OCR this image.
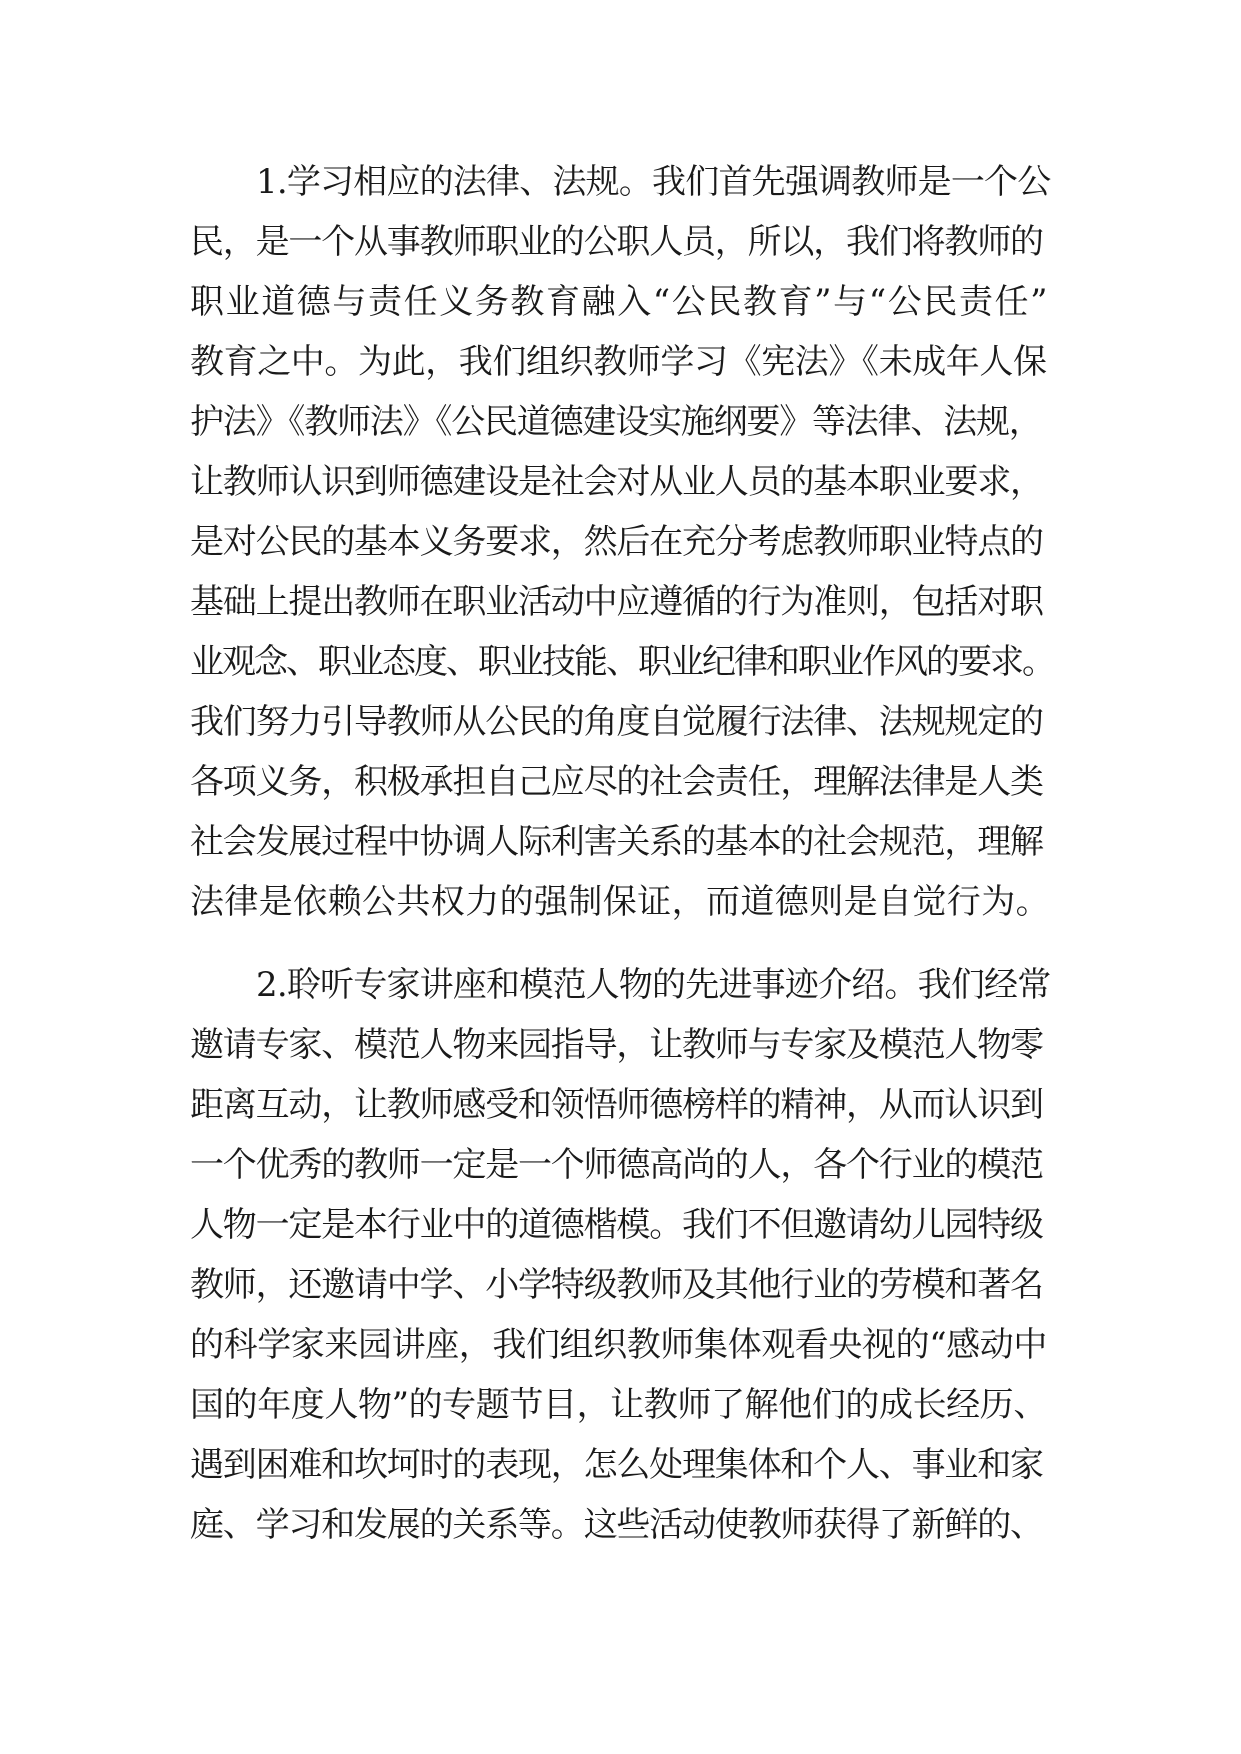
1.学习相应的法律、法规。我们首先强调教师是一个公
民，是一个从事教师职业的公职人员，所以，我们将教师的
职业道德与责任义务教育融入“公民教育”与“公民责任”
教育之中。为此，我们组织教师学习《宪法》《未成年人保
护法》《教师法》《公民道德建设实施纲要》等法律、法规，
让教师认识到师德建设是社会对从业人员的基本职业要求，
是对公民的基本义务要求，然后在充分考虑教师职业特点的
基础上提出教师在职业活动中应遵循的行为准则，包括对职
业观念、职业态度、职业技能、职业纪律和职业作风的要求。
我们努力引导教师从公民的角度自觉履行法律、法规规定的
各项义务，积极承担自己应尽的社会责任，理解法律是人类
社会发展过程中协调人际利害关系的基本的社会规范，理解
法律是依赖公共权力的强制保证，而道德则是自觉行为。
2.聆听专家讲座和模范人物的先进事迹介绍。我们经常
邀请专家、模范人物来园指导，让教师与专家及模范人物零
距离互动，让教师感受和领悟师德榜样的精神，从而认识到
一个优秀的教师一定是一个师德高尚的人，各个行业的模范
人物一定是本行业中的道德楷模。我们不但邀请幼儿园特级
教师，还邀请中学、小学特级教师及其他行业的劳模和著名
的科学家来园讲座，我们组织教师集体观看央视的“感动中
国的年度人物”的专题节目，让教师了解他们的成长经历、
遇到困难和坎坷时的表现，怎么处理集体和个人、事业和家
庭、学习和发展的关系等。这些活动使教师获得了新鲜的、
